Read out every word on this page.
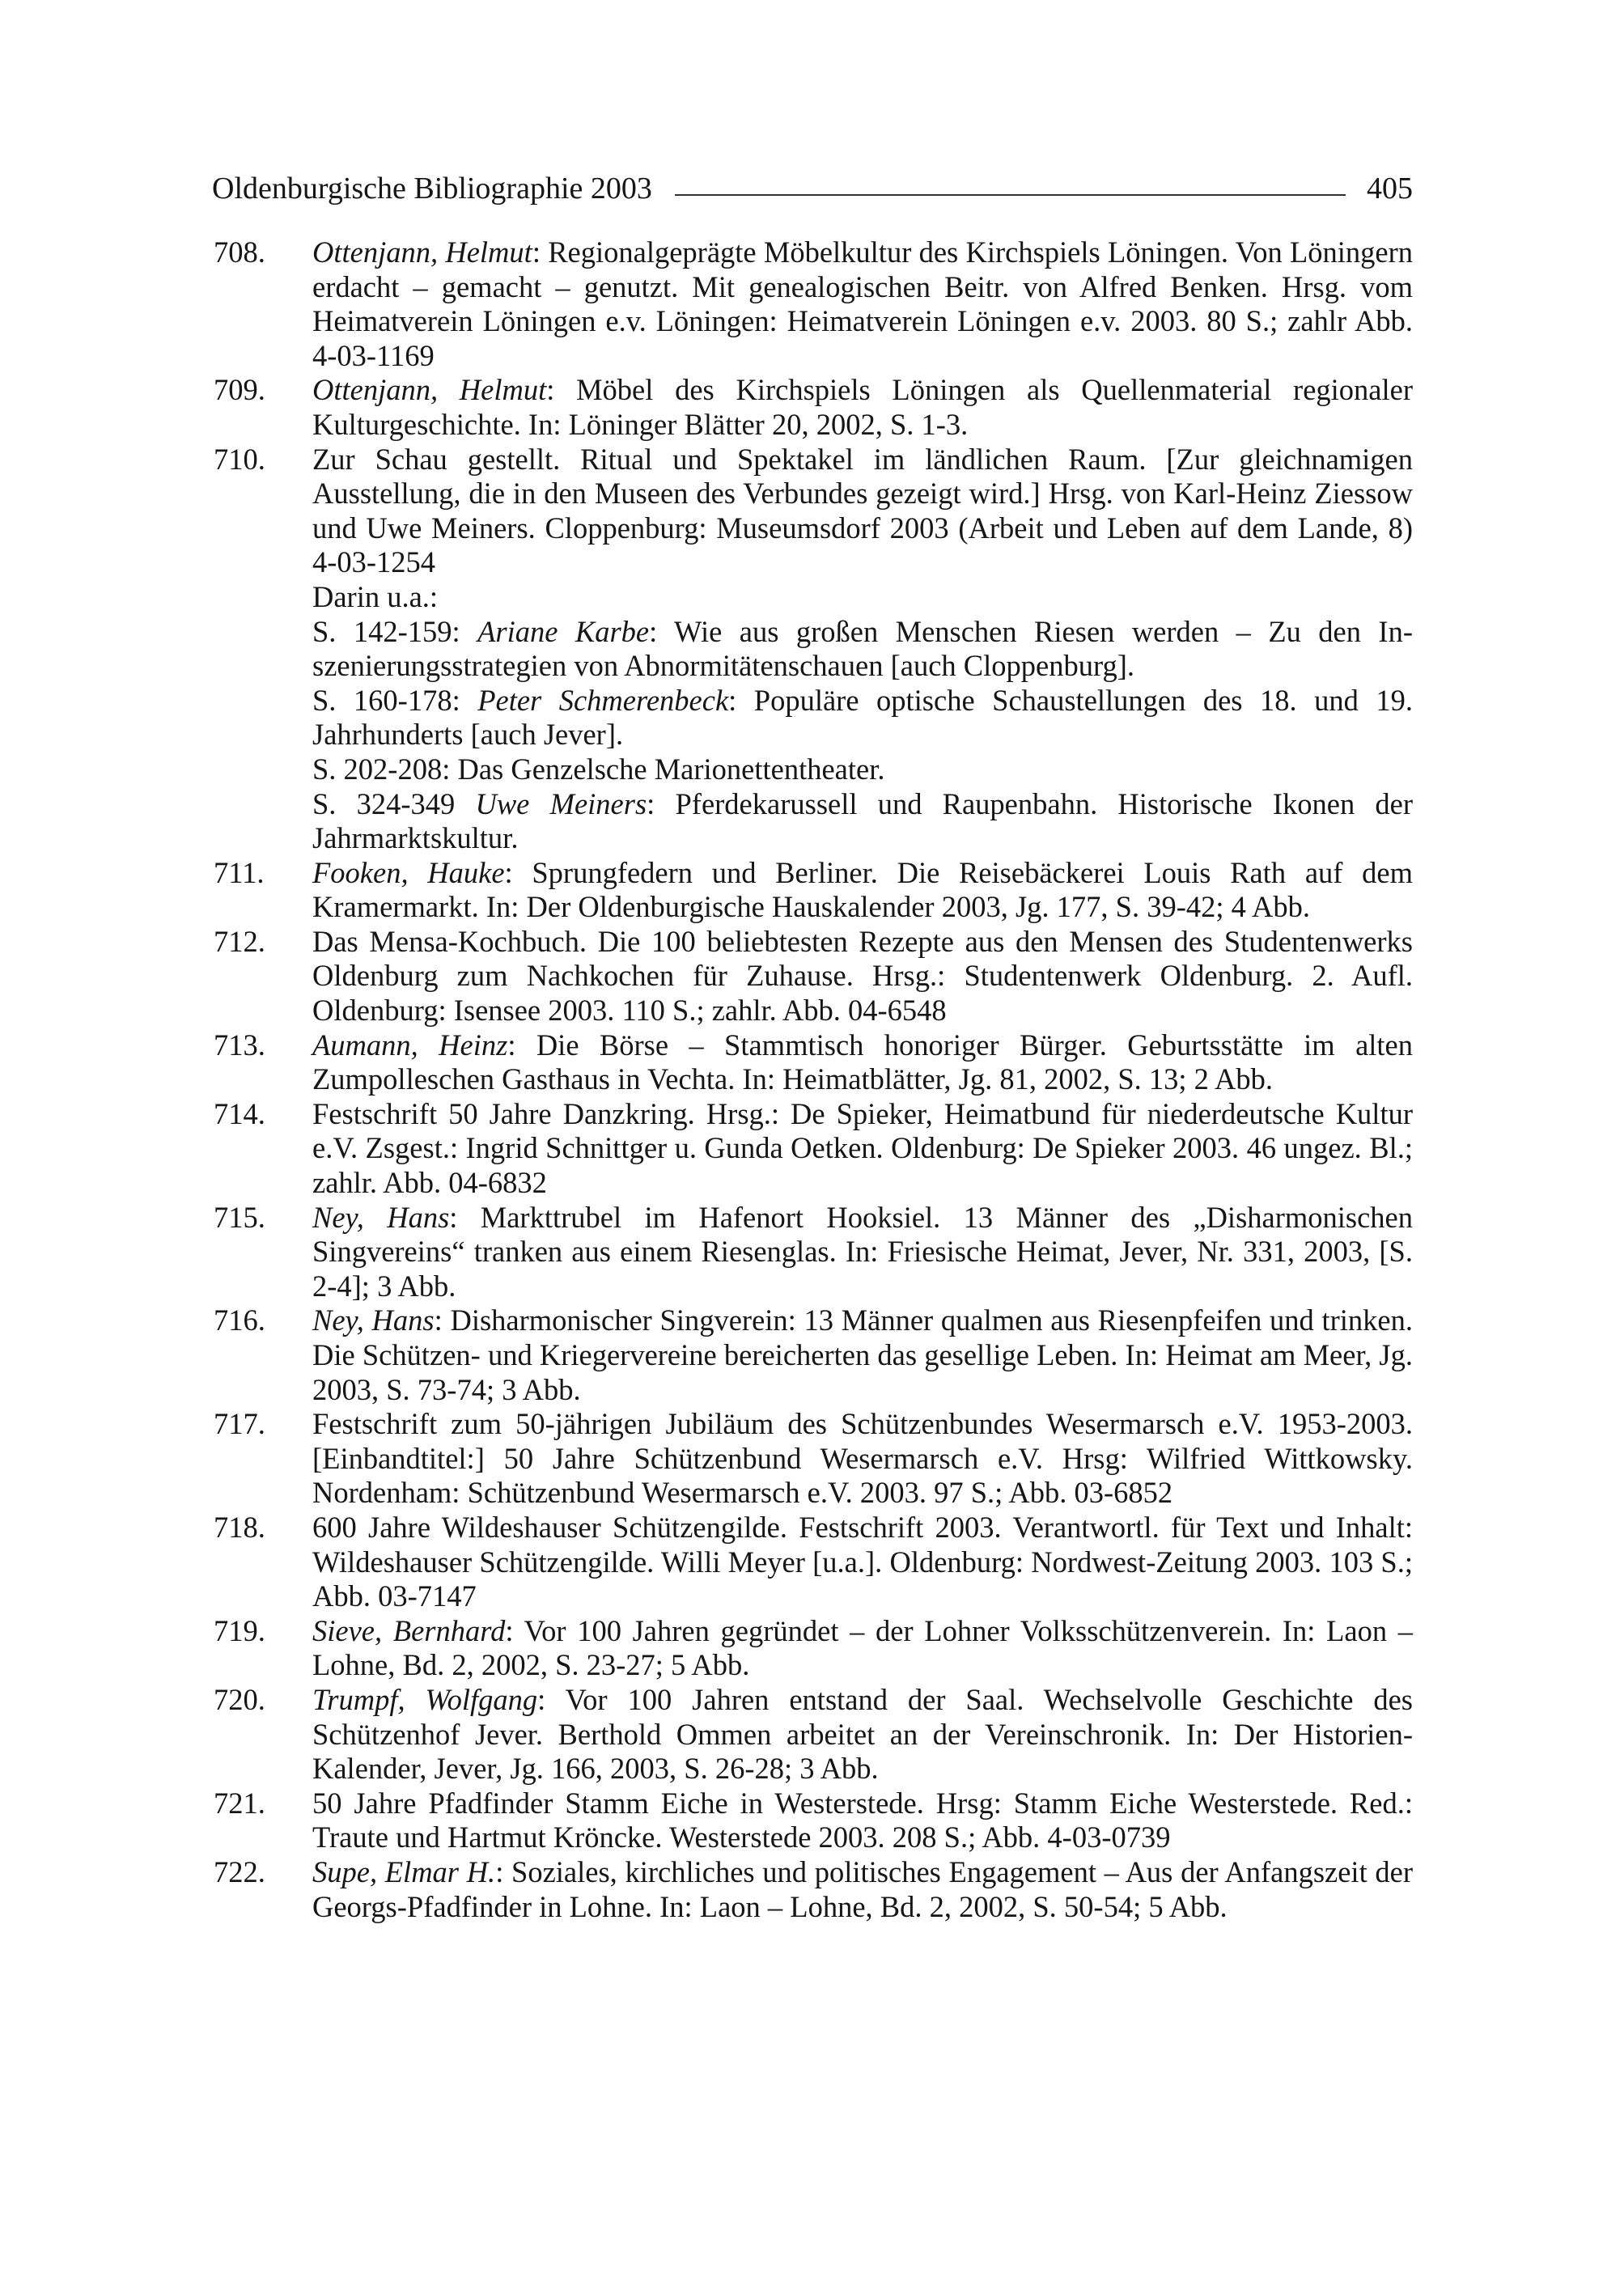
Oldenburgische Bibliographie 2003	405
708. Ottenjann, Helmut: Regionalgeprägte Möbelkultur des Kirchspiels Löningen. Von Löningern erdacht – gemacht – genutzt. Mit genealogischen Beitr. von Alfred Benken. Hrsg. vom Heimatverein Löningen e.v. Löningen: Heimatverein Löningen e.v. 2003. 80 S.; zahlr Abb. 4-03-1169
709. Ottenjann, Helmut: Möbel des Kirchspiels Löningen als Quellenmaterial regionaler Kulturgeschichte. In: Löninger Blätter 20, 2002, S. 1-3.
710. Zur Schau gestellt. Ritual und Spektakel im ländlichen Raum. [Zur gleichnamigen Ausstellung, die in den Museen des Verbundes gezeigt wird.] Hrsg. von Karl-Heinz Ziessow und Uwe Meiners. Cloppenburg: Museumsdorf 2003 (Arbeit und Leben auf dem Lande, 8) 4-03-1254
Darin u.a.:
S. 142-159: Ariane Karbe: Wie aus großen Menschen Riesen werden – Zu den Inszenierungsstrategien von Abnormitätenschauen [auch Cloppenburg].
S. 160-178: Peter Schmerenbeck: Populäre optische Schaustellungen des 18. und 19. Jahrhunderts [auch Jever].
S. 202-208: Das Genzelsche Marionettentheater.
S. 324-349 Uwe Meiners: Pferdekarussell und Raupenbahn. Historische Ikonen der Jahrmarktskultur.
711. Fooken, Hauke: Sprungfedern und Berliner. Die Reisebäckerei Louis Rath auf dem Kramermarkt. In: Der Oldenburgische Hauskalender 2003, Jg. 177, S. 39-42; 4 Abb.
712. Das Mensa-Kochbuch. Die 100 beliebtesten Rezepte aus den Mensen des Studentenwerks Oldenburg zum Nachkochen für Zuhause. Hrsg.: Studentenwerk Oldenburg. 2. Aufl. Oldenburg: Isensee 2003. 110 S.; zahlr. Abb. 04-6548
713. Aumann, Heinz: Die Börse – Stammtisch honoriger Bürger. Geburtsstätte im alten Zumpolleschen Gasthaus in Vechta. In: Heimatblätter, Jg. 81, 2002, S. 13; 2 Abb.
714. Festschrift 50 Jahre Danzkring. Hrsg.: De Spieker, Heimatbund für niederdeutsche Kultur e.V. Zsgest.: Ingrid Schnittger u. Gunda Oetken. Oldenburg: De Spieker 2003. 46 ungez. Bl.; zahlr. Abb. 04-6832
715. Ney, Hans: Markttrubel im Hafenort Hooksiel. 13 Männer des „Disharmonischen Singvereins“ tranken aus einem Riesenglas. In: Friesische Heimat, Jever, Nr. 331, 2003, [S. 2-4]; 3 Abb.
716. Ney, Hans: Disharmonischer Singverein: 13 Männer qualmen aus Riesenpfeifen und trinken. Die Schützen- und Kriegervereine bereicherten das gesellige Leben. In: Heimat am Meer, Jg. 2003, S. 73-74; 3 Abb.
717. Festschrift zum 50-jährigen Jubiläum des Schützenbundes Wesermarsch e.V. 1953-2003. [Einbandtitel:] 50 Jahre Schützenbund Wesermarsch e.V. Hrsg: Wilfried Wittkowsky. Nordenham: Schützenbund Wesermarsch e.V. 2003. 97 S.; Abb. 03-6852
718. 600 Jahre Wildeshauser Schützengilde. Festschrift 2003. Verantwortl. für Text und Inhalt: Wildeshauser Schützengilde. Willi Meyer [u.a.]. Oldenburg: Nordwest-Zeitung 2003. 103 S.; Abb. 03-7147
719. Sieve, Bernhard: Vor 100 Jahren gegründet – der Lohner Volksschützenverein. In: Laon – Lohne, Bd. 2, 2002, S. 23-27; 5 Abb.
720. Trumpf, Wolfgang: Vor 100 Jahren entstand der Saal. Wechselvolle Geschichte des Schützenhof Jever. Berthold Ommen arbeitet an der Vereinschronik. In: Der Historien-Kalender, Jever, Jg. 166, 2003, S. 26-28; 3 Abb.
721. 50 Jahre Pfadfinder Stamm Eiche in Westerstede. Hrsg: Stamm Eiche Westerstede. Red.: Traute und Hartmut Kröncke. Westerstede 2003. 208 S.; Abb. 4-03-0739
722. Supe, Elmar H.: Soziales, kirchliches und politisches Engagement – Aus der Anfangszeit der Georgs-Pfadfinder in Lohne. In: Laon – Lohne, Bd. 2, 2002, S. 50-54; 5 Abb.
